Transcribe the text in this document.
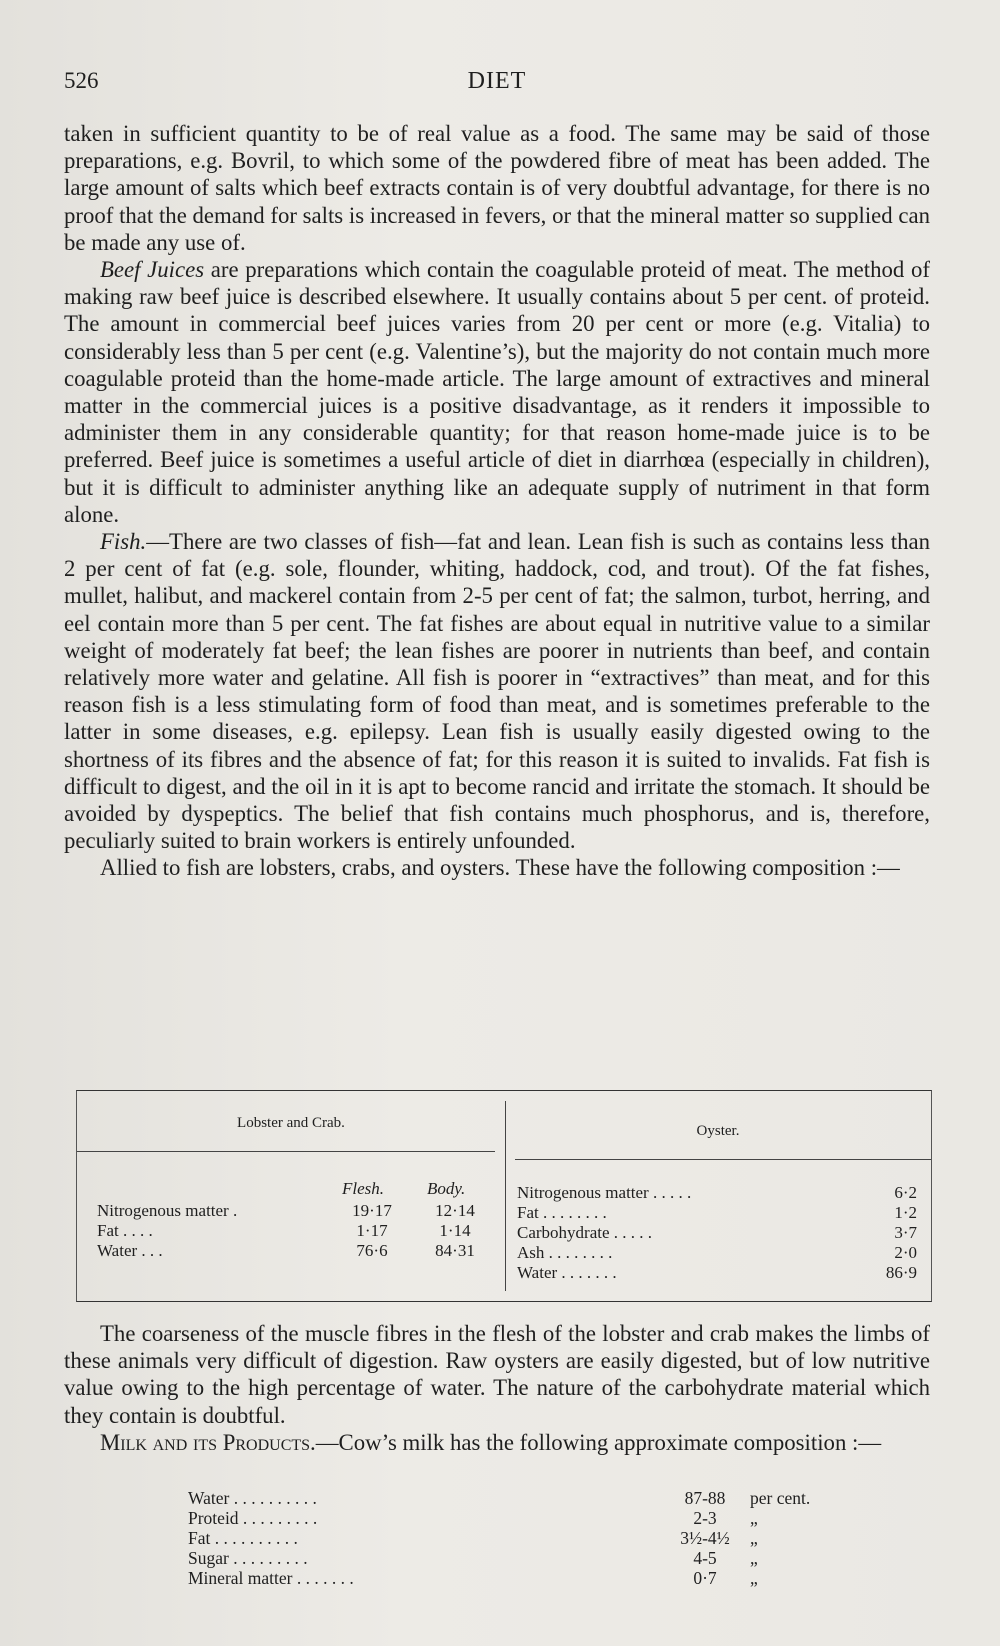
526	DIET

taken in sufficient quantity to be of real value as a food. The same may be said of those preparations, e.g. Bovril, to which some of the powdered fibre of meat has been added. The large amount of salts which beef extracts contain is of very doubtful advantage, for there is no proof that the demand for salts is increased in fevers, or that the mineral matter so supplied can be made any use of.

Beef Juices are preparations which contain the coagulable proteid of meat. The method of making raw beef juice is described elsewhere. It usually contains about 5 per cent. of proteid. The amount in commercial beef juices varies from 20 per cent or more (e.g. Vitalia) to considerably less than 5 per cent (e.g. Valentine’s), but the majority do not contain much more coagulable proteid than the home-made article. The large amount of extractives and mineral matter in the commercial juices is a positive disadvantage, as it renders it impossible to administer them in any considerable quantity; for that reason home-made juice is to be preferred. Beef juice is sometimes a useful article of diet in diarrhœa (especially in children), but it is difficult to administer anything like an adequate supply of nutriment in that form alone.

Fish.—There are two classes of fish—fat and lean. Lean fish is such as contains less than 2 per cent of fat (e.g. sole, flounder, whiting, haddock, cod, and trout). Of the fat fishes, mullet, halibut, and mackerel contain from 2-5 per cent of fat; the salmon, turbot, herring, and eel contain more than 5 per cent. The fat fishes are about equal in nutritive value to a similar weight of moderately fat beef; the lean fishes are poorer in nutrients than beef, and contain relatively more water and gelatine. All fish is poorer in “extractives” than meat, and for this reason fish is a less stimulating form of food than meat, and is sometimes preferable to the latter in some diseases, e.g. epilepsy. Lean fish is usually easily digested owing to the shortness of its fibres and the absence of fat; for this reason it is suited to invalids. Fat fish is difficult to digest, and the oil in it is apt to become rancid and irritate the stomach. It should be avoided by dyspeptics. The belief that fish contains much phosphorus, and is, therefore, peculiarly suited to brain workers is entirely unfounded.

Allied to fish are lobsters, crabs, and oysters. These have the following composition :—

Lobster and Crab.	Oyster.
Flesh.	Body.
Nitrogenous matter .	19·17	12·14
Fat . . . .	1·17	1·14
Water . . .	76·6	84·31
Nitrogenous matter . . . . .	6·2
Fat . . . . . . . .	1·2
Carbohydrate . . . . .	3·7
Ash . . . . . . . .	2·0
Water . . . . . . .	86·9

The coarseness of the muscle fibres in the flesh of the lobster and crab makes the limbs of these animals very difficult of digestion. Raw oysters are easily digested, but of low nutritive value owing to the high percentage of water. The nature of the carbohydrate material which they contain is doubtful.

Milk and its Products.—Cow’s milk has the following approximate composition :—

Water . . . . . . . . . .	87-88	per cent.
Proteid . . . . . . . . .	2-3	„
Fat . . . . . . . . . .	3½-4½	„
Sugar . . . . . . . . .	4-5	„
Mineral matter . . . . . . .	0·7	„
